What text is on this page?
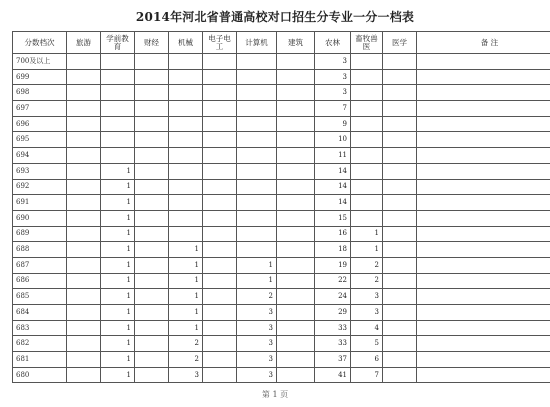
2014年河北省普通高校对口招生分专业一分一档表
分数档次	旅游	学前教育	财经	机械	电子电工	计算机	建筑	农林	畜牧兽医	医学	备 注
700及以上								3			
699								3			
698								3			
697								7			
696								9			
695								10			
694								11			
693		1						14			
692		1						14			
691		1						14			
690		1						15			
689		1						16	1		
688		1		1				18	1		
687		1		1		1		19	2		
686		1		1		1		22	2		
685		1		1		2		24	3		
684		1		1		3		29	3		
683		1		1		3		33	4		
682		1		2		3		33	5		
681		1		2		3		37	6		
680		1		3		3		41	7		
第 1 页
